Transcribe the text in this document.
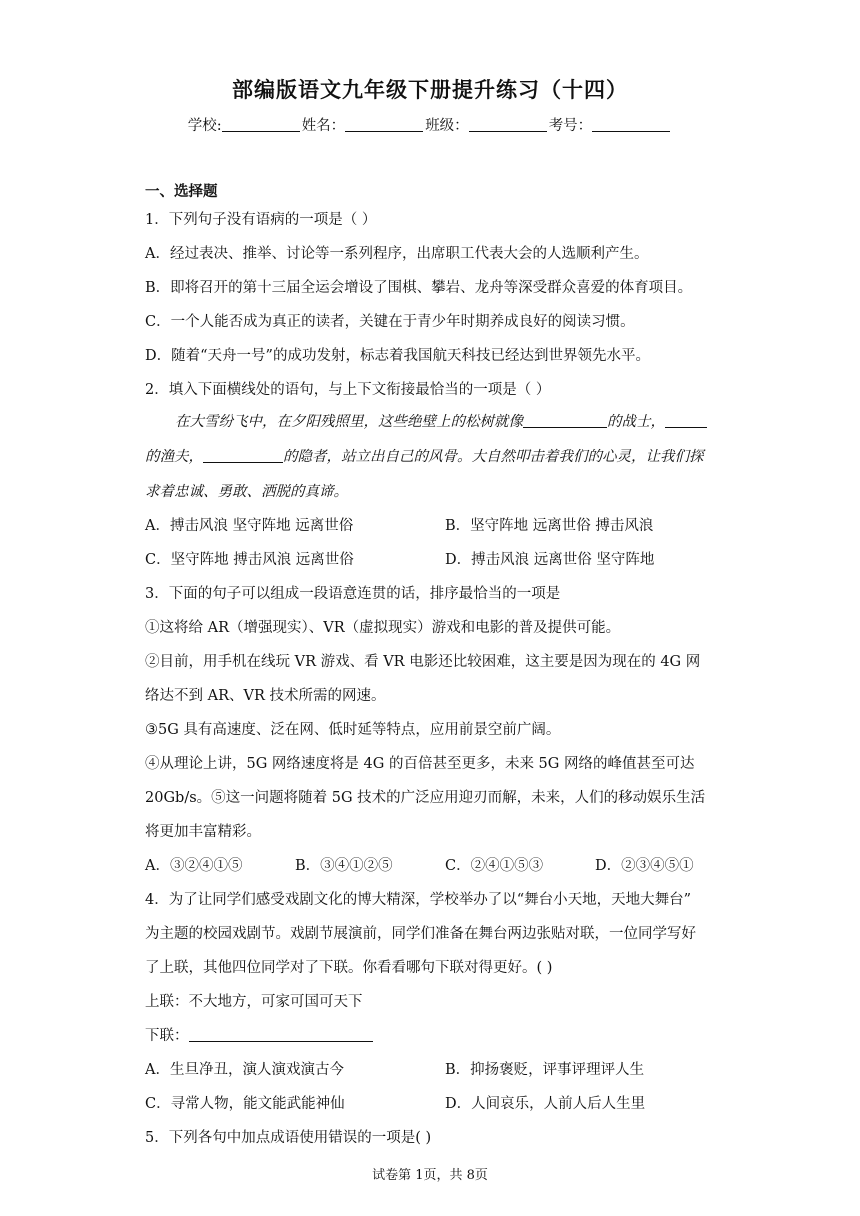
部编版语文九年级下册提升练习（十四）
学校:	姓名：	班级：	考号：
一、选择题
1．下列句子没有语病的一项是（ ）
A．经过表决、推举、讨论等一系列程序，出席职工代表大会的人选顺利产生。
B．即将召开的第十三届全运会增设了围棋、攀岩、龙舟等深受群众喜爱的体育项目。
C．一个人能否成为真正的读者，关键在于青少年时期养成良好的阅读习惯。
D．随着“天舟一号”的成功发射，标志着我国航天科技已经达到世界领先水平。
2．填入下面横线处的语句，与上下文衔接最恰当的一项是（ ）
在大雪纷飞中，在夕阳残照里，这些绝壁上的松树就像	的战士，
的渔夫，	的隐者，站立出自己的风骨。大自然叩击着我们的心灵，让我们探
求着忠诚、勇敢、洒脱的真谛。
A．搏击风浪 坚守阵地 远离世俗	B．坚守阵地 远离世俗 搏击风浪
C．坚守阵地 搏击风浪 远离世俗	D．搏击风浪 远离世俗 坚守阵地
3．下面的句子可以组成一段语意连贯的话，排序最恰当的一项是
①这将给 AR（增强现实）、VR（虚拟现实）游戏和电影的普及提供可能。
②目前，用手机在线玩 VR 游戏、看 VR 电影还比较困难，这主要是因为现在的 4G 网
络达不到 AR、VR 技术所需的网速。
③5G 具有高速度、泛在网、低时延等特点，应用前景空前广阔。
④从理论上讲，5G 网络速度将是 4G 的百倍甚至更多，未来 5G 网络的峰值甚至可达
20Gb/s。⑤这一问题将随着 5G 技术的广泛应用迎刃而解，未来，人们的移动娱乐生活
将更加丰富精彩。
A．③②④①⑤	B．③④①②⑤	C．②④①⑤③	D．②③④⑤①
4．为了让同学们感受戏剧文化的博大精深，学校举办了以“舞台小天地，天地大舞台”
为主题的校园戏剧节。戏剧节展演前，同学们准备在舞台两边张贴对联，一位同学写好
了上联，其他四位同学对了下联。你看看哪句下联对得更好。( )
上联：不大地方，可家可国可天下
下联：
A．生旦净丑，演人演戏演古今	B．抑扬褒贬，评事评理评人生
C．寻常人物，能文能武能神仙	D．人间哀乐，人前人后人生里
5．下列各句中加点成语使用错误的一项是( )
试卷第 1页，共 8页
